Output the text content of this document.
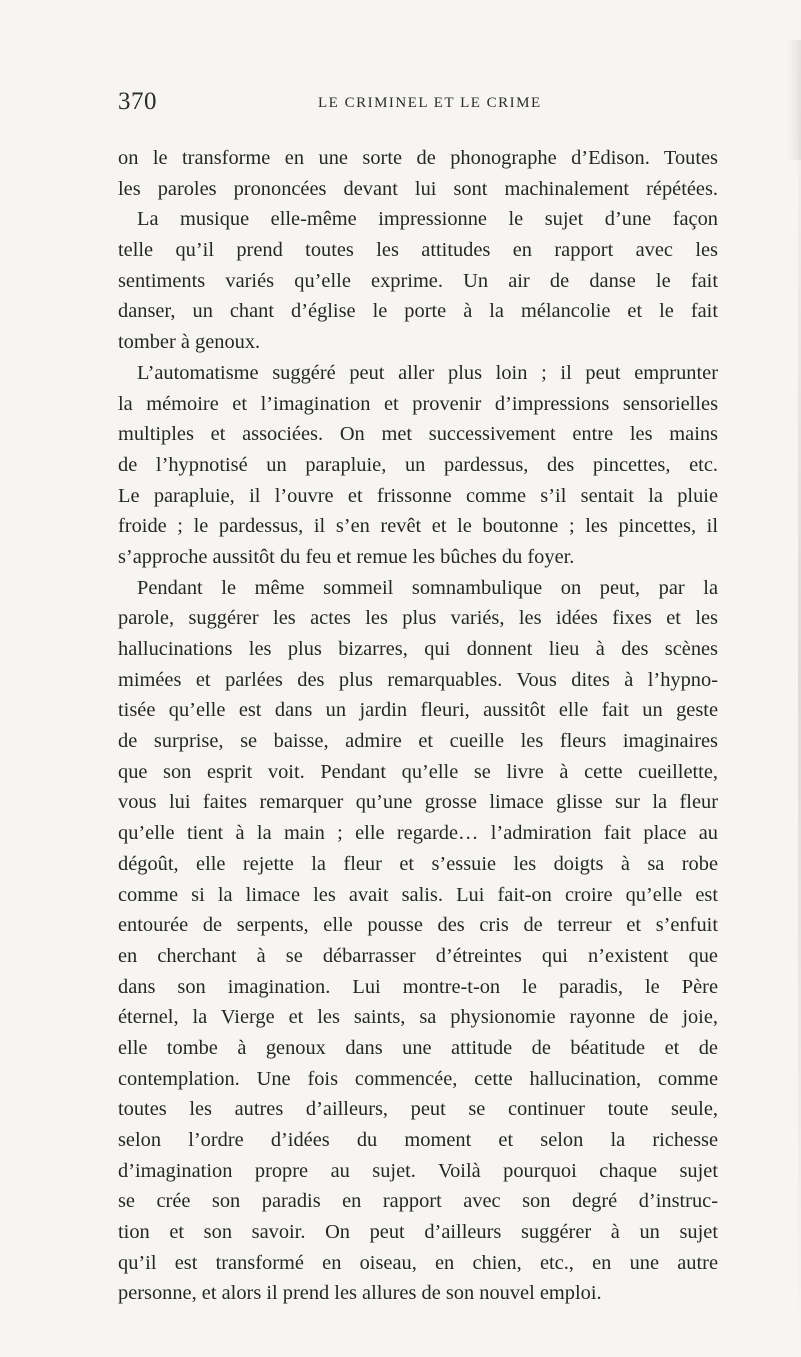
370	LE CRIMINEL ET LE CRIME
on le transforme en une sorte de phonographe d’Edison. Toutes
les paroles prononcées devant lui sont machinalement répétées.
La musique elle-même impressionne le sujet d’une façon
telle qu’il prend toutes les attitudes en rapport avec les
sentiments variés qu’elle exprime. Un air de danse le fait
danser, un chant d’église le porte à la mélancolie et le fait
tomber à genoux.
L’automatisme suggéré peut aller plus loin ; il peut emprunter
la mémoire et l’imagination et provenir d’impressions sensorielles
multiples et associées. On met successivement entre les mains
de l’hypnotisé un parapluie, un pardessus, des pincettes, etc.
Le parapluie, il l’ouvre et frissonne comme s’il sentait la pluie
froide ; le pardessus, il s’en revêt et le boutonne ; les pincettes, il
s’approche aussitôt du feu et remue les bûches du foyer.
Pendant le même sommeil somnambulique on peut, par la
parole, suggérer les actes les plus variés, les idées fixes et les
hallucinations les plus bizarres, qui donnent lieu à des scènes
mimées et parlées des plus remarquables. Vous dites à l’hypno-
tisée qu’elle est dans un jardin fleuri, aussitôt elle fait un geste
de surprise, se baisse, admire et cueille les fleurs imaginaires
que son esprit voit. Pendant qu’elle se livre à cette cueillette,
vous lui faites remarquer qu’une grosse limace glisse sur la fleur
qu’elle tient à la main ; elle regarde… l’admiration fait place au
dégoût, elle rejette la fleur et s’essuie les doigts à sa robe
comme si la limace les avait salis. Lui fait-on croire qu’elle est
entourée de serpents, elle pousse des cris de terreur et s’enfuit
en cherchant à se débarrasser d’étreintes qui n’existent que
dans son imagination. Lui montre-t-on le paradis, le Père
éternel, la Vierge et les saints, sa physionomie rayonne de joie,
elle tombe à genoux dans une attitude de béatitude et de
contemplation. Une fois commencée, cette hallucination, comme
toutes les autres d’ailleurs, peut se continuer toute seule,
selon l’ordre d’idées du moment et selon la richesse
d’imagination propre au sujet. Voilà pourquoi chaque sujet
se crée son paradis en rapport avec son degré d’instruc-
tion et son savoir. On peut d’ailleurs suggérer à un sujet
qu’il est transformé en oiseau, en chien, etc., en une autre
personne, et alors il prend les allures de son nouvel emploi.
